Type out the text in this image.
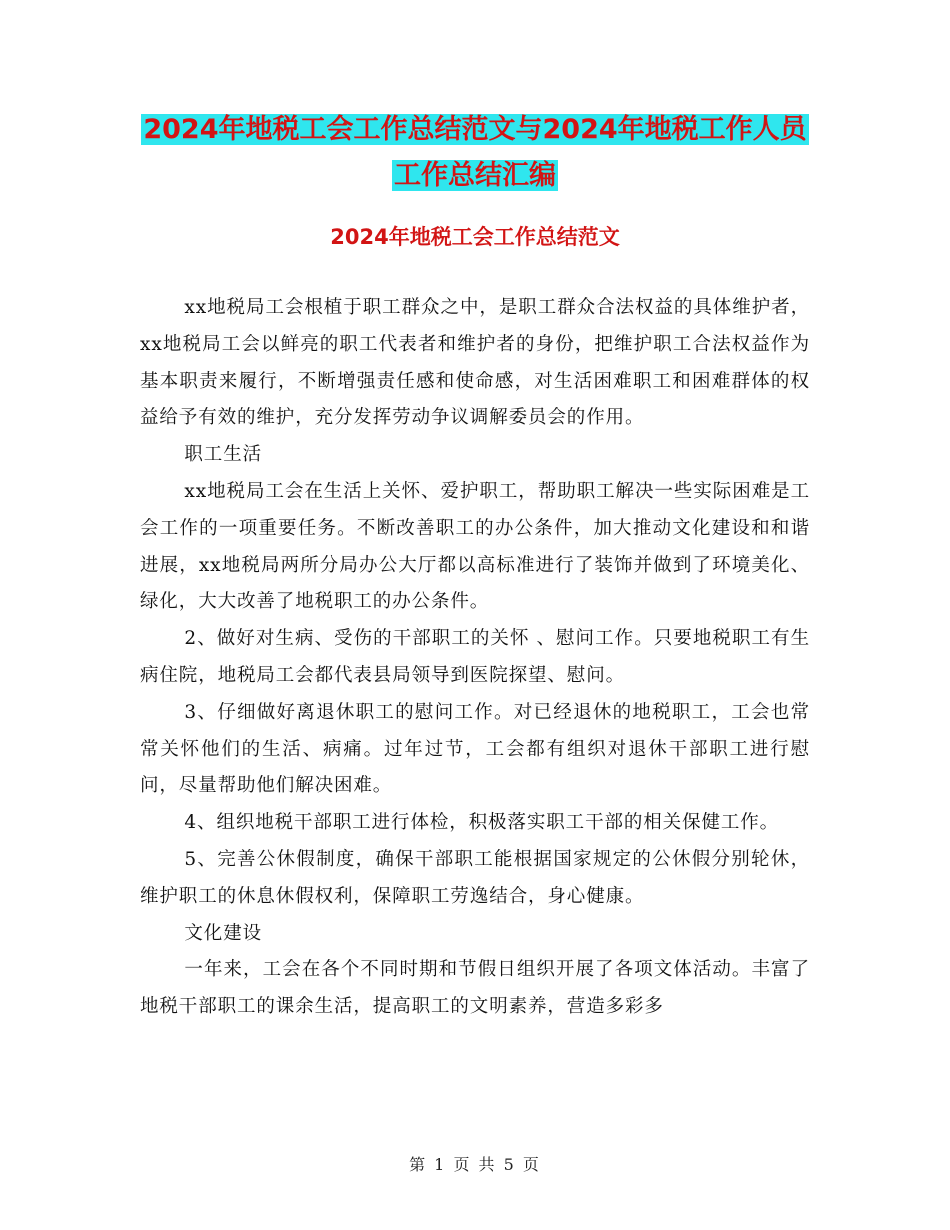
2024年地税工会工作总结范文与2024年地税工作人员
工作总结汇编
2024年地税工会工作总结范文

xx地税局工会根植于职工群众之中，是职工群众合法权益的具体维护者，xx地税局工会以鲜亮的职工代表者和维护者的身份，把维护职工合法权益作为基本职责来履行，不断增强责任感和使命感，对生活困难职工和困难群体的权益给予有效的维护，充分发挥劳动争议调解委员会的作用。

职工生活

xx地税局工会在生活上关怀、爱护职工，帮助职工解决一些实际困难是工会工作的一项重要任务。不断改善职工的办公条件，加大推动文化建设和和谐进展，xx地税局两所分局办公大厅都以高标准进行了装饰并做到了环境美化、绿化，大大改善了地税职工的办公条件。

2、做好对生病、受伤的干部职工的关怀 、慰问工作。只要地税职工有生病住院，地税局工会都代表县局领导到医院探望、慰问。

3、仔细做好离退休职工的慰问工作。对已经退休的地税职工，工会也常常关怀他们的生活、病痛。过年过节，工会都有组织对退休干部职工进行慰问，尽量帮助他们解决困难。

4、组织地税干部职工进行体检，积极落实职工干部的相关保健工作。

5、完善公休假制度，确保干部职工能根据国家规定的公休假分别轮休，维护职工的休息休假权利，保障职工劳逸结合，身心健康。

文化建设

一年来，工会在各个不同时期和节假日组织开展了各项文体活动。丰富了地税干部职工的课余生活，提高职工的文明素养，营造多彩多

第 1 页 共 5 页
